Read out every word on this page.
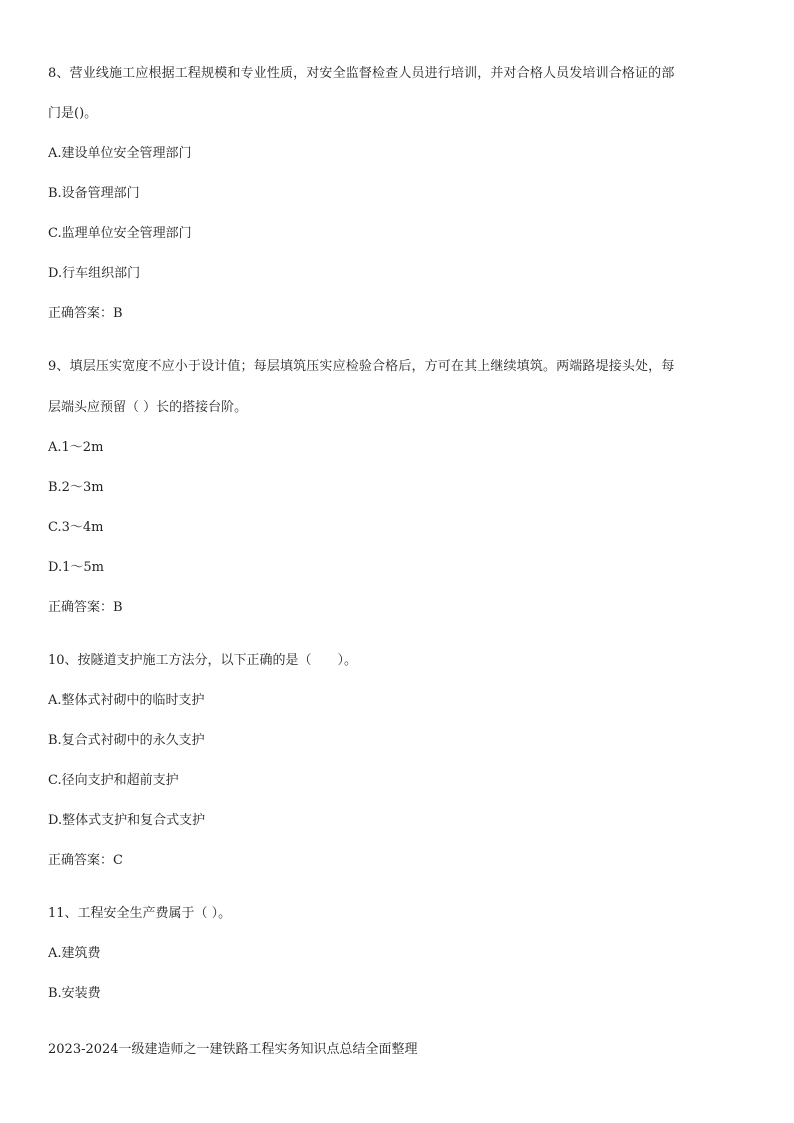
8、营业线施工应根据工程规模和专业性质，对安全监督检查人员进行培训，并对合格人员发培训合格证的部
门是()。
A.建设单位安全管理部门
B.设备管理部门
C.监理单位安全管理部门
D.行车组织部门
正确答案：B
9、填层压实宽度不应小于设计值；每层填筑压实应检验合格后，方可在其上继续填筑。两端路堤接头处，每
层端头应预留（ ）长的搭接台阶。
A.1～2m
B.2～3m
C.3～4m
D.1～5m
正确答案：B
10、按隧道支护施工方法分，以下正确的是（　　）。
A.整体式衬砌中的临时支护
B.复合式衬砌中的永久支护
C.径向支护和超前支护
D.整体式支护和复合式支护
正确答案：C
11、工程安全生产费属于（ ）。
A.建筑费
B.安装费
2023-2024一级建造师之一建铁路工程实务知识点总结全面整理
